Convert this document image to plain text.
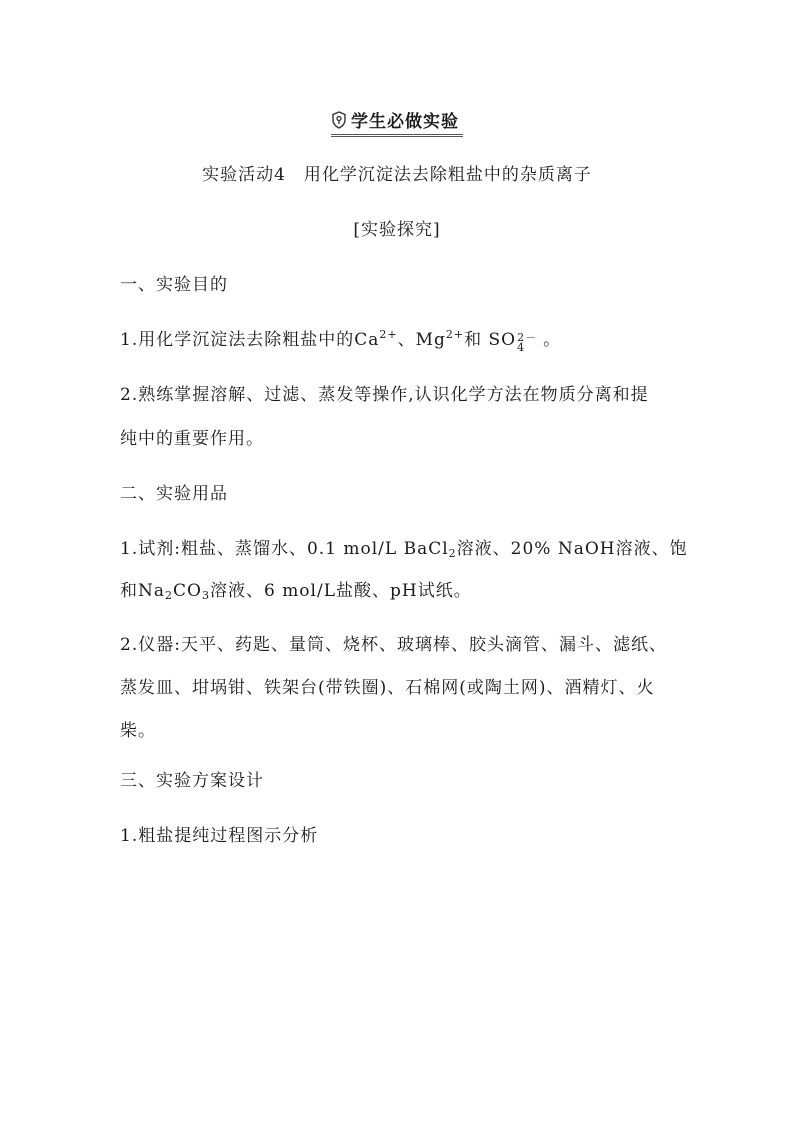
学生必做实验
实验活动4　用化学沉淀法去除粗盐中的杂质离子
[实验探究]
一、实验目的
1.用化学沉淀法去除粗盐中的$Ca^{2+}$、$Mg^{2+}$和 SO 2－
4	。
2.熟练掌握溶解、过滤、蒸发等操作,认识化学方法在物质分离和提
纯中的重要作用。
二、实验用品
1.试剂:粗盐、蒸馏水、0.1 mol/L BaCl$_2$溶液、20% NaOH溶液、饱
和$Na_2CO_3$溶液、6 mol/L盐酸、pH试纸。
2.仪器:天平、药匙、量筒、烧杯、玻璃棒、胶头滴管、漏斗、滤纸、
蒸发皿、坩埚钳、铁架台(带铁圈)、石棉网(或陶土网)、酒精灯、火
柴。
三、实验方案设计
1.粗盐提纯过程图示分析
